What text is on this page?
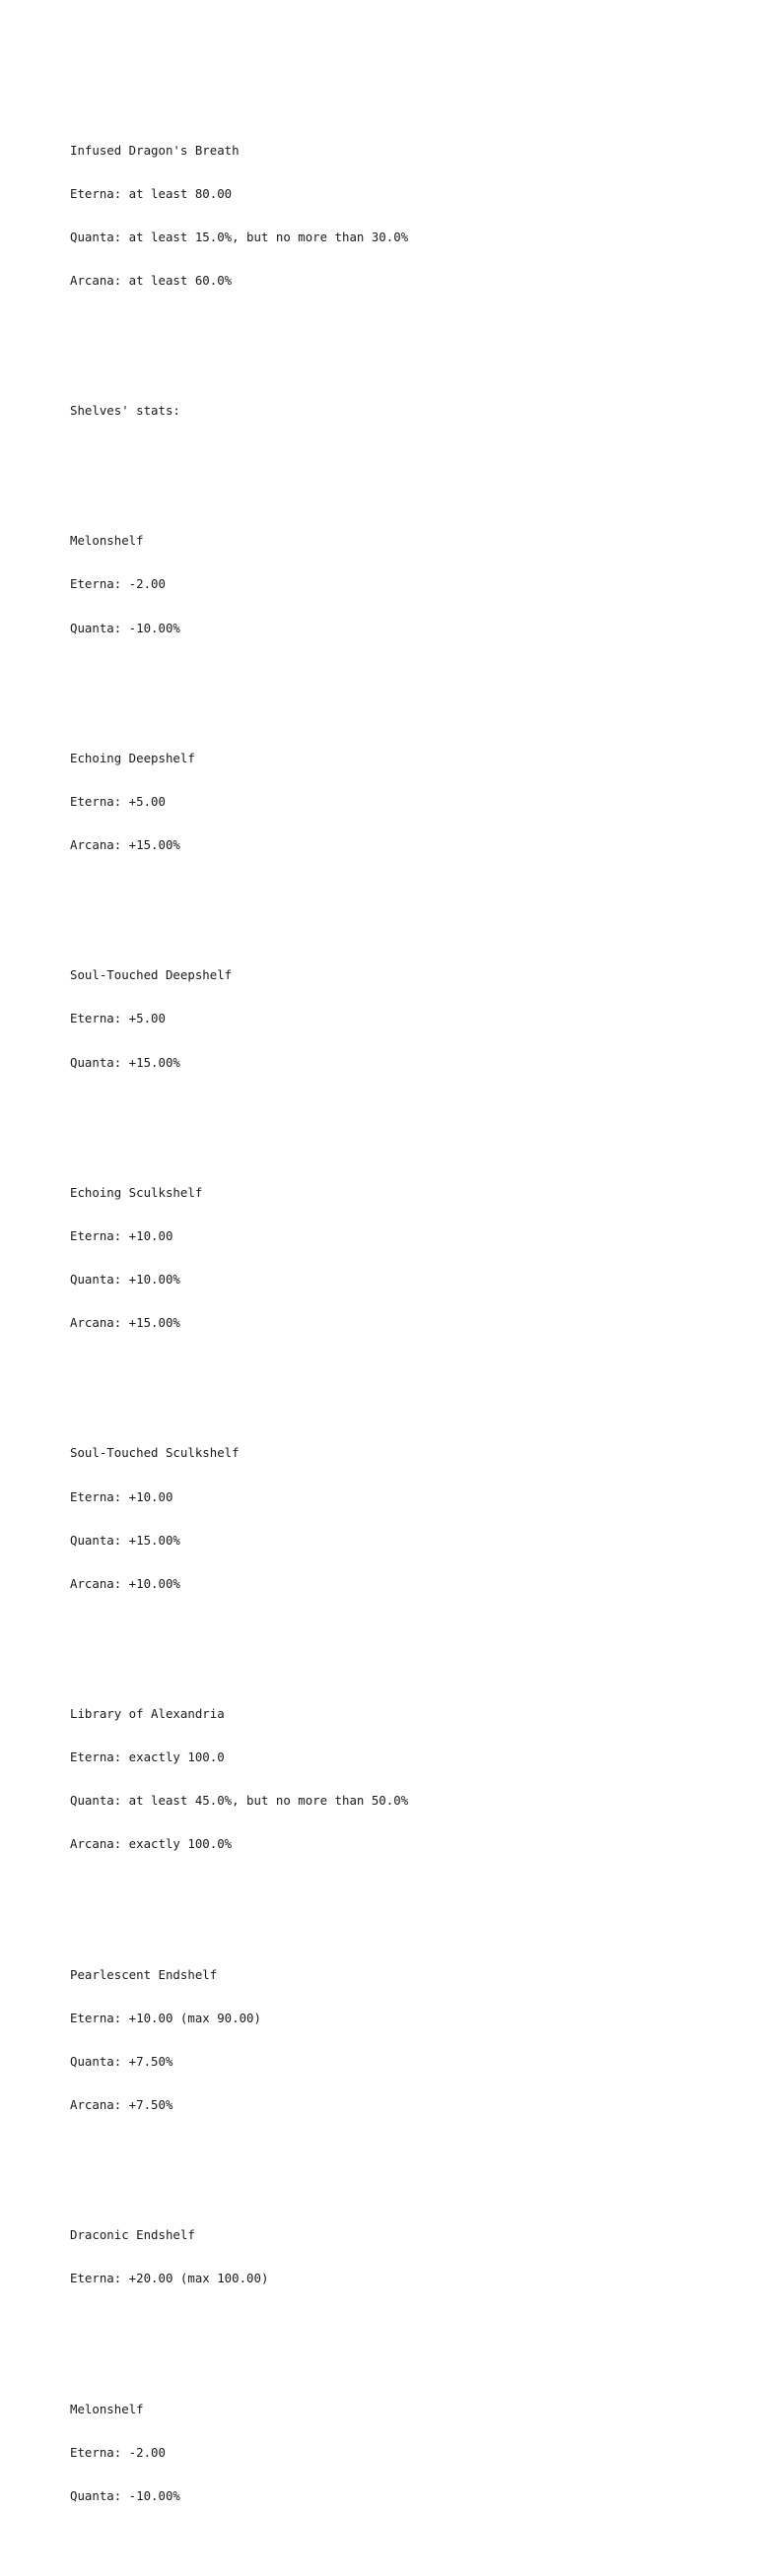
Infused Dragon's Breath

Eterna: at least 80.00

Quanta: at least 15.0%, but no more than 30.0%

Arcana: at least 60.0%

Shelves' stats:

Melonshelf

Eterna: -2.00

Quanta: -10.00%

Echoing Deepshelf

Eterna: +5.00

Arcana: +15.00%

Soul-Touched Deepshelf

Eterna: +5.00

Quanta: +15.00%

Echoing Sculkshelf

Eterna: +10.00

Quanta: +10.00%

Arcana: +15.00%

Soul-Touched Sculkshelf

Eterna: +10.00

Quanta: +15.00%

Arcana: +10.00%

Library of Alexandria

Eterna: exactly 100.0

Quanta: at least 45.0%, but no more than 50.0%

Arcana: exactly 100.0%

Pearlescent Endshelf

Eterna: +10.00 (max 90.00)

Quanta: +7.50%

Arcana: +7.50%

Draconic Endshelf

Eterna: +20.00 (max 100.00)

Melonshelf

Eterna: -2.00

Quanta: -10.00%
